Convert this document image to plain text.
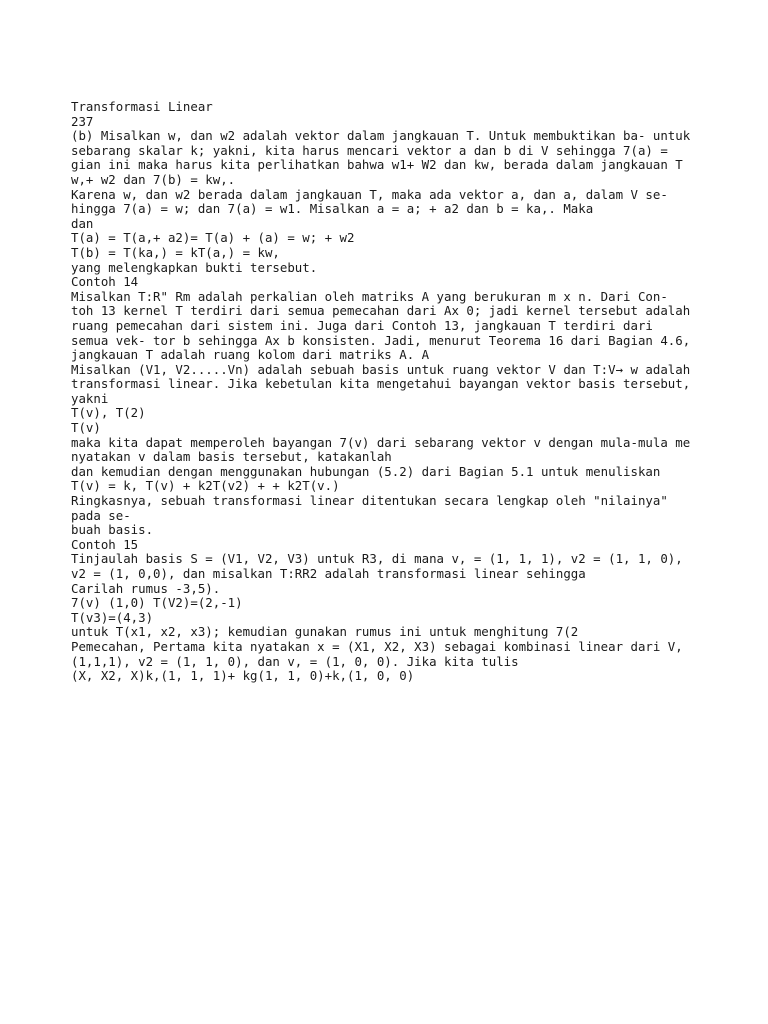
Transformasi Linear
237
(b) Misalkan w, dan w2 adalah vektor dalam jangkauan T. Untuk membuktikan ba- untuk
sebarang skalar k; yakni, kita harus mencari vektor a dan b di V sehingga 7(a) =
gian ini maka harus kita perlihatkan bahwa w1+ W2 dan kw, berada dalam jangkauan T
w,+ w2 dan 7(b) = kw,.
Karena w, dan w2 berada dalam jangkauan T, maka ada vektor a, dan a, dalam V se-
hingga 7(a) = w; dan 7(a) = w1. Misalkan a = a; + a2 dan b = ka,. Maka
dan
T(a) = T(a,+ a2)= T(a) + (a) = w; + w2
T(b) = T(ka,) = kT(a,) = kw,
yang melengkapkan bukti tersebut.
Contoh 14
Misalkan T:R" Rm adalah perkalian oleh matriks A yang berukuran m x n. Dari Con-
toh 13 kernel T terdiri dari semua pemecahan dari Ax 0; jadi kernel tersebut adalah
ruang pemecahan dari sistem ini. Juga dari Contoh 13, jangkauan T terdiri dari
semua vek- tor b sehingga Ax b konsisten. Jadi, menurut Teorema 16 dari Bagian 4.6,
jangkauan T adalah ruang kolom dari matriks A. A
Misalkan (V1, V2.....Vn) adalah sebuah basis untuk ruang vektor V dan T:V→ w adalah
transformasi linear. Jika kebetulan kita mengetahui bayangan vektor basis tersebut,
yakni
T(v), T(2)
T(v)
maka kita dapat memperoleh bayangan 7(v) dari sebarang vektor v dengan mula-mula me
nyatakan v dalam basis tersebut, katakanlah
dan kemudian dengan menggunakan hubungan (5.2) dari Bagian 5.1 untuk menuliskan
T(v) = k, T(v) + k2T(v2) + + k2T(v.)
Ringkasnya, sebuah transformasi linear ditentukan secara lengkap oleh "nilainya"
pada se-
buah basis.
Contoh 15
Tinjaulah basis S = (V1, V2, V3) untuk R3, di mana v, = (1, 1, 1), v2 = (1, 1, 0),
v2 = (1, 0,0), dan misalkan T:RR2 adalah transformasi linear sehingga
Carilah rumus -3,5).
7(v) (1,0) T(V2)=(2,-1)
T(v3)=(4,3)
untuk T(x1, x2, x3); kemudian gunakan rumus ini untuk menghitung 7(2
Pemecahan, Pertama kita nyatakan x = (X1, X2, X3) sebagai kombinasi linear dari V,
(1,1,1), v2 = (1, 1, 0), dan v, = (1, 0, 0). Jika kita tulis
(X, X2, X)k,(1, 1, 1)+ kg(1, 1, 0)+k,(1, 0, 0)
